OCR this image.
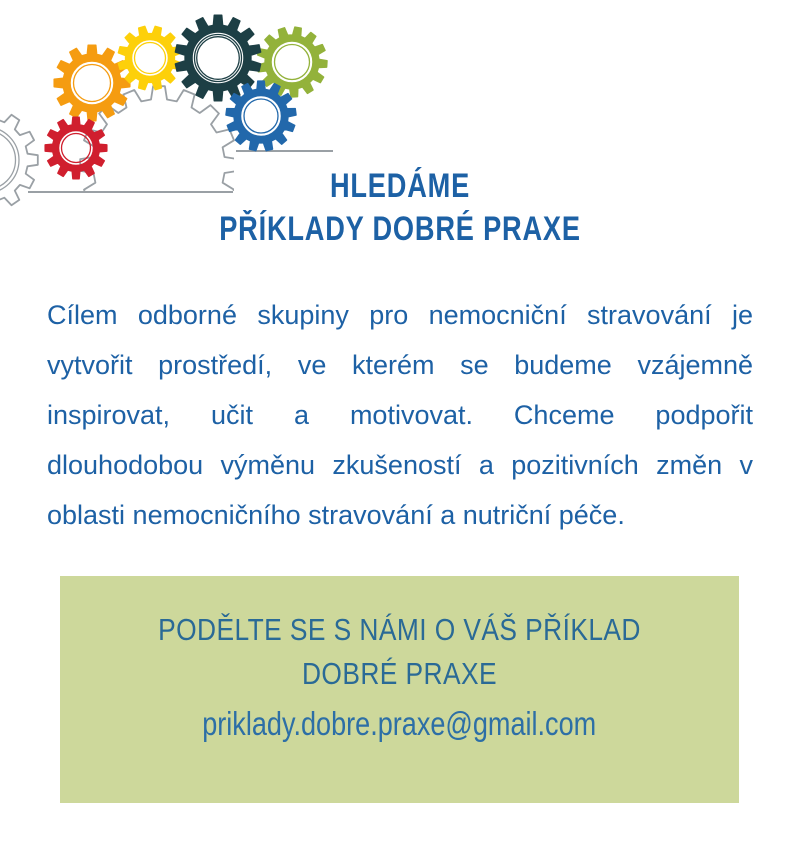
HLEDÁME
PŘÍKLADY DOBRÉ PRAXE
Cílem odborné skupiny pro nemocniční stravování je
vytvořit prostředí, ve kterém se budeme vzájemně
inspirovat, učit a motivovat. Chceme podpořit
dlouhodobou výměnu zkušeností a pozitivních změn v
oblasti nemocničního stravování a nutriční péče.
PODĚLTE SE S NÁMI O VÁŠ PŘÍKLAD
DOBRÉ PRAXE
priklady.dobre.praxe@gmail.com
